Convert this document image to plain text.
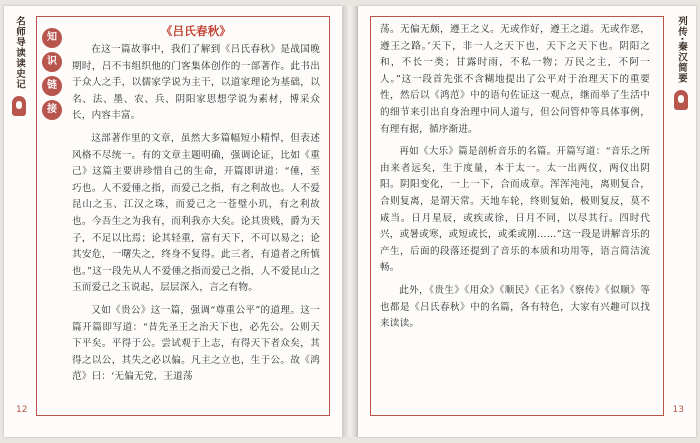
名师导读读史记	知
识
链
接
《吕氏春秋》

在这一篇故事中，我们了解到《吕氏春秋》是战国晚期时，吕不韦组织他的门客集体创作的一部著作。此书出于众人之手，以儒家学说为主干，以道家理论为基础，以名、法、墨、农、兵、阴阳家思想学说为素材，博采众长，内容丰富。

这部著作里的文章，虽然大多篇幅短小精悍，但表述风格不尽统一。有的文章主题明确，强调论证，比如《重己》这篇主要讲珍惜自己的生命，开篇即讲道：“倕，至巧也。人不爱倕之指，而爱己之指，有之利故也。人不爱昆山之玉、江汉之珠，而爱己之一苍璧小玑，有之利故也。今吾生之为我有，而利我亦大矣。论其贵贱，爵为天子，不足以比焉；论其轻重，富有天下，不可以易之；论其安危，一曙失之，终身不复得。此三者，有道者之所慎也。”这一段先从人不爱倕之指而爱己之指，人不爱昆山之玉而爱己之玉说起，层层深入，言之有物。

又如《贵公》这一篇，强调“尊重公平”的道理。这一篇开篇即写道：“昔先圣王之治天下也，必先公。公则天下平矣。平得于公。尝试观于上志，有得天下者众矣，其得之以公，其失之必以偏。凡主之立也，生于公。故《鸿范》曰：‘无偏无党，王道荡

12
列传·秦汉简要

荡。无偏无颇，遵王之义。无或作好，遵王之道。无或作恶，遵王之路。’天下，非一人之天下也，天下之天下也。阴阳之和，不长一类；甘露时雨，不私一物；万民之主，不阿一人。”这一段首先张不含糊地提出了公平对于治理天下的重要性，然后以《鸿范》中的语句佐证这一观点，继而举了生活中的细节来引出自身治理中同人道与，但公问管仲等具体事例，有理有据，循序渐进。

再如《大乐》篇是剖析音乐的名篇。开篇写道：“音乐之所由来者远矣，生于度量，本于太一。太一出两仪，两仪出阴阳。阴阳变化，一上一下，合而成章。浑浑沌沌，离则复合，合则复离，是谓天常。天地车轮，终则复始，极则复反，莫不咸当。日月星辰，或疾或徐，日月不同，以尽其行。四时代兴，或暑或寒，或短或长，或柔或刚……”这一段是讲解音乐的产生，后面的段落还提到了音乐的本质和功用等，语言简洁流畅。

此外，《贵生》《用众》《顺民》《正名》《察传》《似顺》等也都是《吕氏春秋》中的名篇，各有特色，大家有兴趣可以找来读读。

13
